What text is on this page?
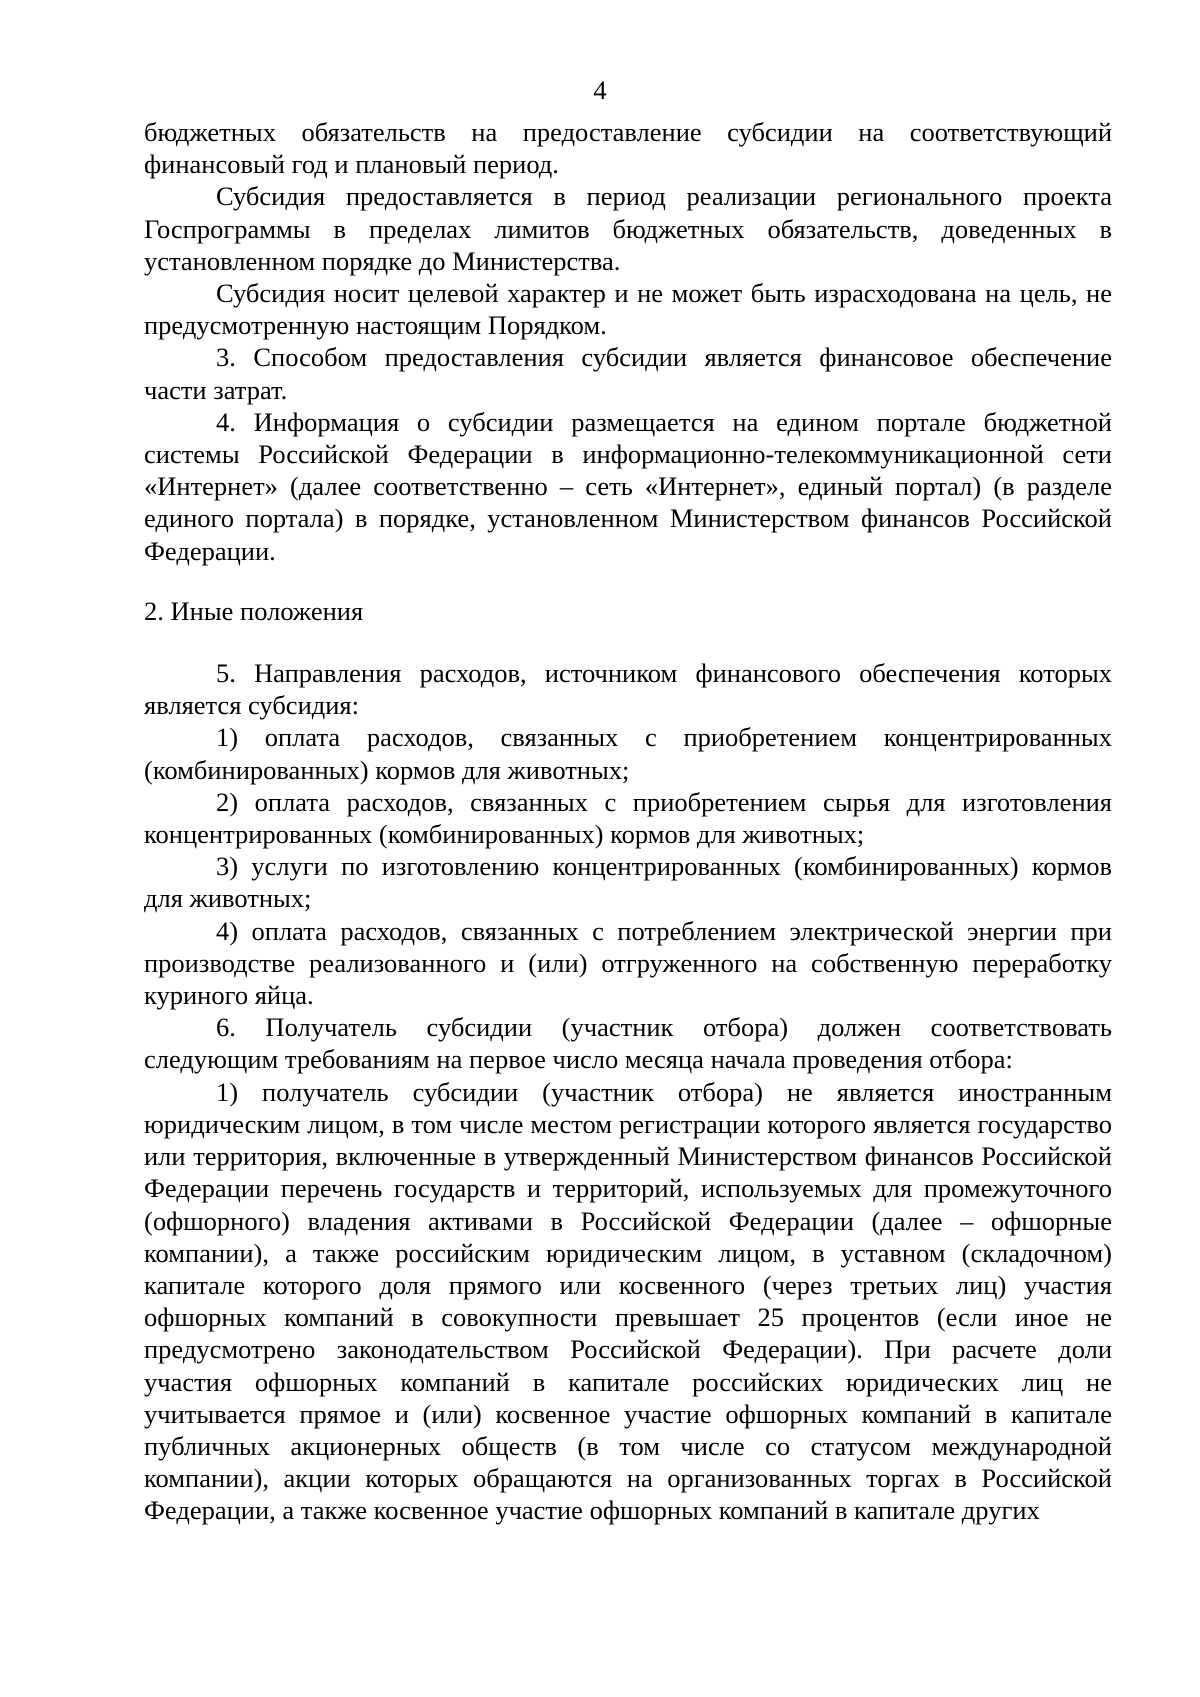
4

бюджетных обязательств на предоставление субсидии на соответствующий финансовый год и плановый период.

Субсидия предоставляется в период реализации регионального проекта Госпрограммы в пределах лимитов бюджетных обязательств, доведенных в установленном порядке до Министерства.

Субсидия носит целевой характер и не может быть израсходована на цель, не предусмотренную настоящим Порядком.

3. Способом предоставления субсидии является финансовое обеспечение части затрат.

4. Информация о субсидии размещается на едином портале бюджетной системы Российской Федерации в информационно-телекоммуникационной сети «Интернет» (далее соответственно – сеть «Интернет», единый портал) (в разделе единого портала) в порядке, установленном Министерством финансов Российской Федерации.

2. Иные положения

5. Направления расходов, источником финансового обеспечения которых является субсидия:

1) оплата расходов, связанных с приобретением концентрированных (комбинированных) кормов для животных;

2) оплата расходов, связанных с приобретением сырья для изготовления концентрированных (комбинированных) кормов для животных;

3) услуги по изготовлению концентрированных (комбинированных) кормов для животных;

4) оплата расходов, связанных с потреблением электрической энергии при производстве реализованного и (или) отгруженного на собственную переработку куриного яйца.

6. Получатель субсидии (участник отбора) должен соответствовать следующим требованиям на первое число месяца начала проведения отбора:

1) получатель субсидии (участник отбора) не является иностранным юридическим лицом, в том числе местом регистрации которого является государство или территория, включенные в утвержденный Министерством финансов Российской Федерации перечень государств и территорий, используемых для промежуточного (офшорного) владения активами в Российской Федерации (далее – офшорные компании), а также российским юридическим лицом, в уставном (складочном) капитале которого доля прямого или косвенного (через третьих лиц) участия офшорных компаний в совокупности превышает 25 процентов (если иное не предусмотрено законодательством Российской Федерации). При расчете доли участия офшорных компаний в капитале российских юридических лиц не учитывается прямое и (или) косвенное участие офшорных компаний в капитале публичных акционерных обществ (в том числе со статусом международной компании), акции которых обращаются на организованных торгах в Российской Федерации, а также косвенное участие офшорных компаний в капитале других
